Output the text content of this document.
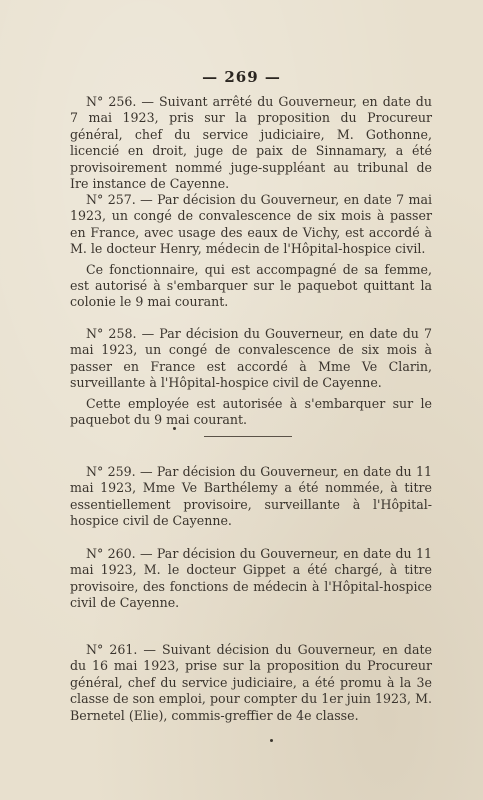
— 269 —

N° 256. — Suivant arrêté du Gouverneur, en date du 7 mai 1923, pris sur la proposition du Procureur général, chef du service judiciaire, M. Gothonne, licencié en droit, juge de paix de Sinnamary, a été provisoirement nommé juge-suppléant au tribunal de Ire instance de Cayenne.

N° 257. — Par décision du Gouverneur, en date 7 mai 1923, un congé de convalescence de six mois à passer en France, avec usage des eaux de Vichy, est accordé à M. le docteur Henry, médecin de l'Hôpital-hospice civil.

Ce fonctionnaire, qui est accompagné de sa femme, est autorisé à s'embarquer sur le paquebot quittant la colonie le 9 mai courant.

N° 258. — Par décision du Gouverneur, en date du 7 mai 1923, un congé de convalescence de six mois à passer en France est accordé à Mme Ve Clarin, surveillante à l'Hôpital-hospice civil de Cayenne.

Cette employée est autorisée à s'embarquer sur le paquebot du 9 mai courant.

N° 259. — Par décision du Gouverneur, en date du 11 mai 1923, Mme Ve Barthélemy a été nommée, à titre essentiellement provisoire, surveillante à l'Hôpital-hospice civil de Cayenne.

N° 260. — Par décision du Gouverneur, en date du 11 mai 1923, M. le docteur Gippet a été chargé, à titre provisoire, des fonctions de médecin à l'Hôpital-hospice civil de Cayenne.

N° 261. — Suivant décision du Gouverneur, en date du 16 mai 1923, prise sur la proposition du Procureur général, chef du service judiciaire, a été promu à la 3e classe de son emploi, pour compter du 1er juin 1923, M. Bernetel (Elie), commis-greffier de 4e classe.
